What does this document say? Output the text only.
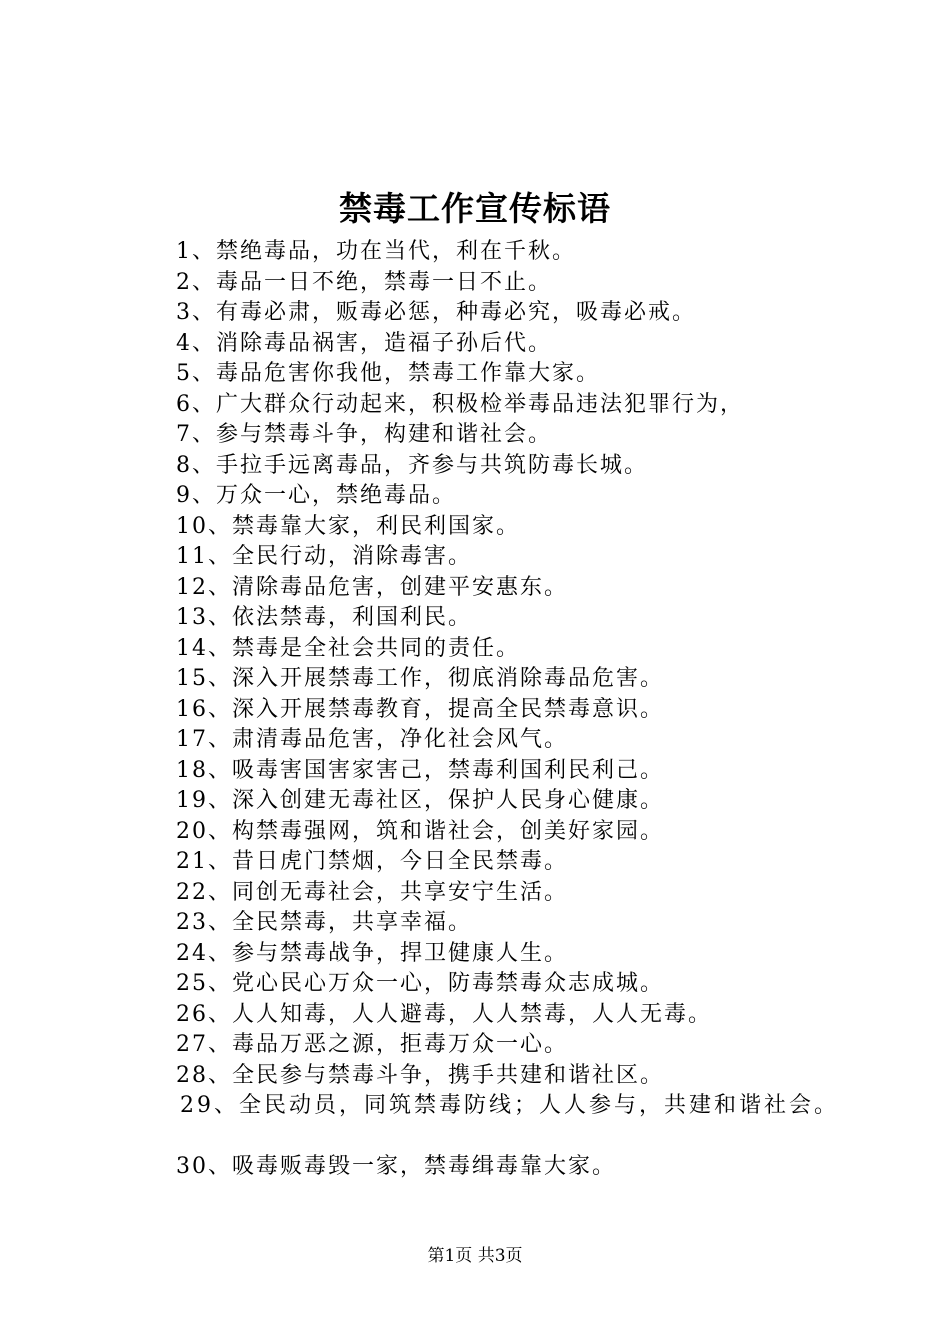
禁毒工作宣传标语
1、禁绝毒品，功在当代，利在千秋。
2、毒品一日不绝，禁毒一日不止。
3、有毒必肃，贩毒必惩，种毒必究，吸毒必戒。
4、消除毒品祸害，造福子孙后代。
5、毒品危害你我他，禁毒工作靠大家。
6、广大群众行动起来，积极检举毒品违法犯罪行为，
7、参与禁毒斗争，构建和谐社会。
8、手拉手远离毒品，齐参与共筑防毒长城。
9、万众一心，禁绝毒品。
10、禁毒靠大家，利民利国家。
11、全民行动，消除毒害。
12、清除毒品危害，创建平安惠东。
13、依法禁毒，利国利民。
14、禁毒是全社会共同的责任。
15、深入开展禁毒工作，彻底消除毒品危害。
16、深入开展禁毒教育，提高全民禁毒意识。
17、肃清毒品危害，净化社会风气。
18、吸毒害国害家害己，禁毒利国利民利己。
19、深入创建无毒社区，保护人民身心健康。
20、构禁毒强网，筑和谐社会，创美好家园。
21、昔日虎门禁烟，今日全民禁毒。
22、同创无毒社会，共享安宁生活。
23、全民禁毒，共享幸福。
24、参与禁毒战争，捍卫健康人生。
25、党心民心万众一心，防毒禁毒众志成城。
26、人人知毒，人人避毒，人人禁毒，人人无毒。
27、毒品万恶之源，拒毒万众一心。
28、全民参与禁毒斗争，携手共建和谐社区。
29、全民动员，同筑禁毒防线；人人参与，共建和谐社会。
30、吸毒贩毒毁一家，禁毒缉毒靠大家。
第1页 共3页
